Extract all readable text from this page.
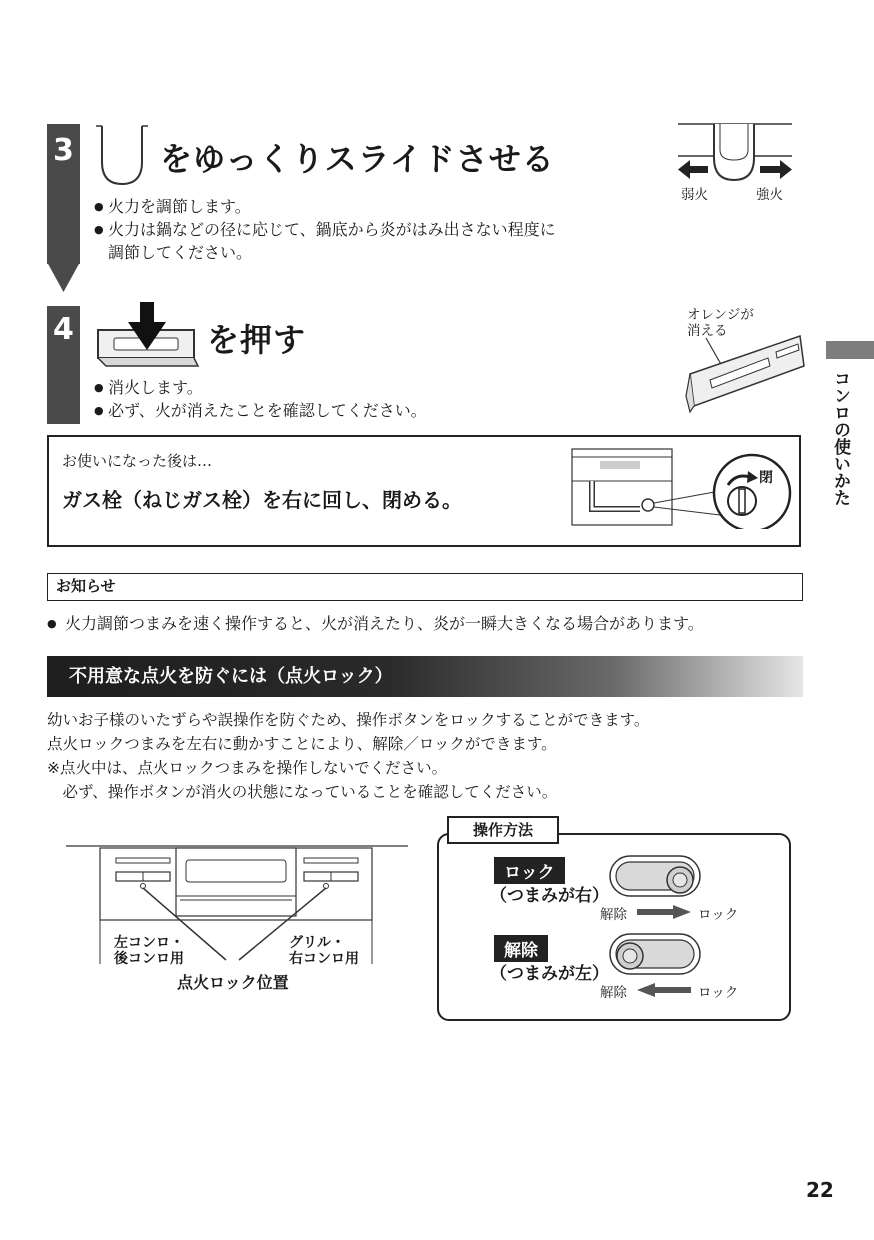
3	をゆっくりスライドさせる
● 火力を調節します。
● 火力は鍋などの径に応じて、鍋底から炎がはみ出さない程度に
調節してください。
弱火	強火
4	を押す
● 消火します。
● 必ず、火が消えたことを確認してください。
オレンジが
消える
コンロの使いかた
お使いになった後は…
ガス栓（ねじガス栓）を右に回し、閉める。
閉
お知らせ
● 火力調節つまみを速く操作すると、火が消えたり、炎が一瞬大きくなる場合があります。
不用意な点火を防ぐには（点火ロック）
幼いお子様のいたずらや誤操作を防ぐため、操作ボタンをロックすることができます。
点火ロックつまみを左右に動かすことにより、解除／ロックができます。
※点火中は、点火ロックつまみを操作しないでください。
　必ず、操作ボタンが消火の状態になっていることを確認してください。
左コンロ・
後コンロ用
グリル・
右コンロ用
点火ロック位置
操作方法
ロック
（つまみが右）
解除	ロック
解除
（つまみが左）
解除	ロック
22
